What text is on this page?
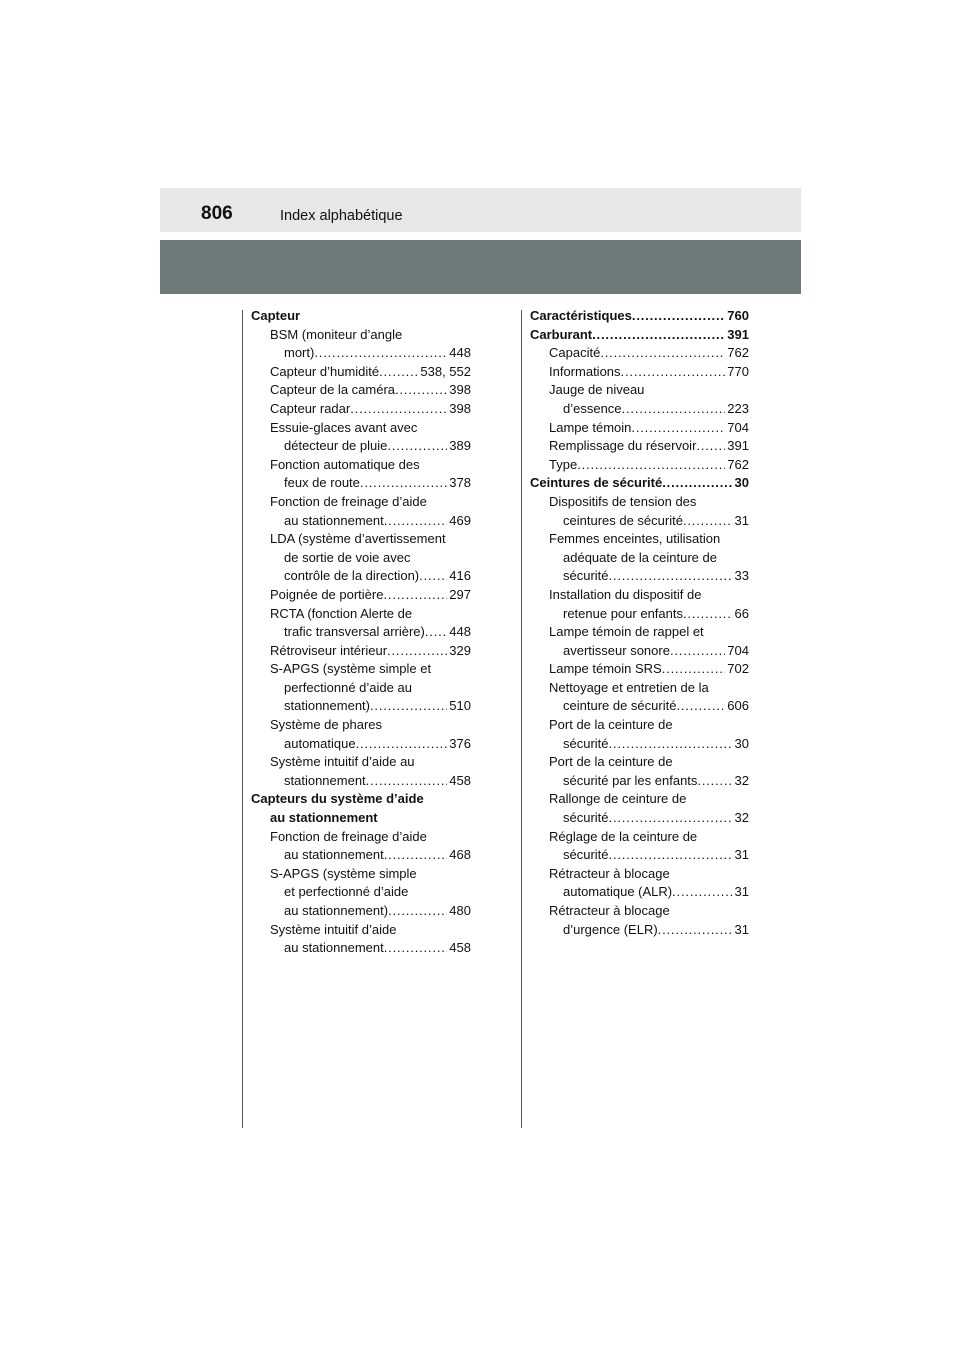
806	Index alphabétique
Capteur
BSM (moniteur d’angle
mort) . . .	448
Capteur d’humidité . . .	538, 552
Capteur de la caméra . . .	398
Capteur radar . . .	398
Essuie-glaces avant avec
détecteur de pluie . . .	389
Fonction automatique des
feux de route . . .	378
Fonction de freinage d’aide
au stationnement . . .	469
LDA (système d’avertissement
de sortie de voie avec
contrôle de la direction) . . . 416
Poignée de portière . . .	297
RCTA (fonction Alerte de
trafic transversal arrière) . . . 448
Rétroviseur intérieur . . .	329
S-APGS (système simple et
perfectionné d’aide au
stationnement) . . .	510
Système de phares
automatique . . .	376
Système intuitif d’aide au
stationnement . . .	458
Capteurs du système d’aide
au stationnement
Fonction de freinage d’aide
au stationnement . . .	468
S-APGS (système simple
et perfectionné d’aide
au stationnement) . . .	480
Système intuitif d’aide
au stationnement . . .	458
Caractéristiques . . .	760
Carburant . . .	391
Capacité . . .	762
Informations . . .	770
Jauge de niveau
d’essence . . .	223
Lampe témoin . . .	704
Remplissage du réservoir . . . 391
Type . . .	762
Ceintures de sécurité . . .	30
Dispositifs de tension des
ceintures de sécurité . . .	31
Femmes enceintes, utilisation
adéquate de la ceinture de
sécurité . . .	33
Installation du dispositif de
retenue pour enfants . . .	66
Lampe témoin de rappel et
avertisseur sonore . . .	704
Lampe témoin SRS . . .	702
Nettoyage et entretien de la
ceinture de sécurité . . .	606
Port de la ceinture de
sécurité . . .	30
Port de la ceinture de
sécurité par les enfants . . .	32
Rallonge de ceinture de
sécurité . . .	32
Réglage de la ceinture de
sécurité . . .	31
Rétracteur à blocage
automatique (ALR) . . .	31
Rétracteur à blocage
d’urgence (ELR) . . .	31
